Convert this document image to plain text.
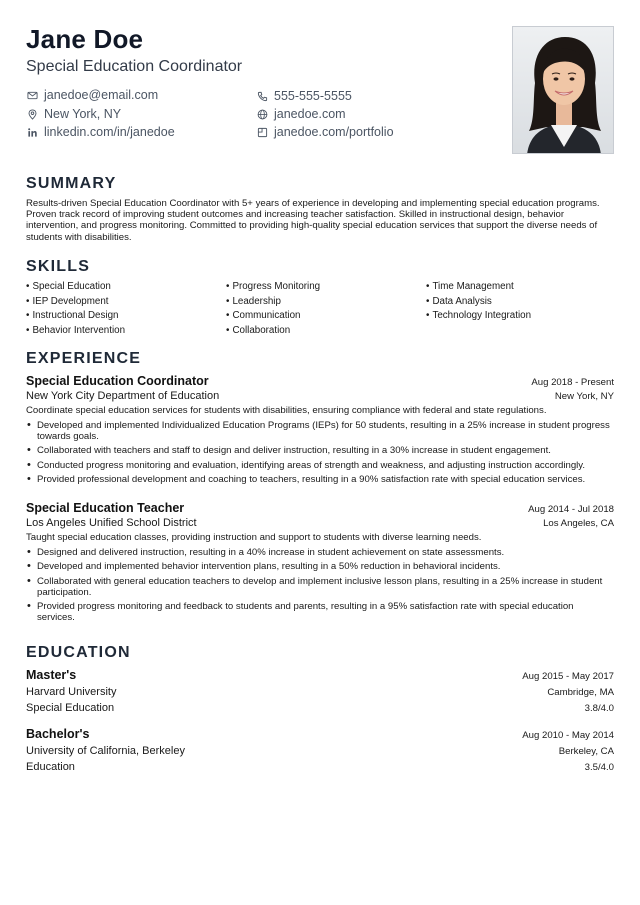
Jane Doe
Special Education Coordinator
janedoe@email.com	555-555-5555
New York, NY	janedoe.com
linkedin.com/in/janedoe	janedoe.com/portfolio
SUMMARY

Results-driven Special Education Coordinator with 5+ years of experience in developing and implementing special education programs. Proven track record of improving student outcomes and increasing teacher satisfaction. Skilled in instructional design, behavior intervention, and progress monitoring. Committed to providing high-quality special education services that support the diverse needs of students with disabilities.

SKILLS
• Special Education
• IEP Development
• Instructional Design
• Behavior Intervention
• Progress Monitoring
• Leadership
• Communication
• Collaboration
• Time Management
• Data Analysis
• Technology Integration
EXPERIENCE
Special Education Coordinator	Aug 2018 - Present
New York City Department of Education	New York, NY
Coordinate special education services for students with disabilities, ensuring compliance with federal and state regulations.
• Developed and implemented Individualized Education Programs (IEPs) for 50 students, resulting in a 25% increase in student progress towards goals.
• Collaborated with teachers and staff to design and deliver instruction, resulting in a 30% increase in student engagement.
• Conducted progress monitoring and evaluation, identifying areas of strength and weakness, and adjusting instruction accordingly.
• Provided professional development and coaching to teachers, resulting in a 90% satisfaction rate with special education services.
Special Education Teacher	Aug 2014 - Jul 2018
Los Angeles Unified School District	Los Angeles, CA
Taught special education classes, providing instruction and support to students with diverse learning needs.
• Designed and delivered instruction, resulting in a 40% increase in student achievement on state assessments.
• Developed and implemented behavior intervention plans, resulting in a 50% reduction in behavioral incidents.
• Collaborated with general education teachers to develop and implement inclusive lesson plans, resulting in a 25% increase in student participation.
• Provided progress monitoring and feedback to students and parents, resulting in a 95% satisfaction rate with special education services.
EDUCATION
Master's	Aug 2015 - May 2017
Harvard University	Cambridge, MA
Special Education	3.8/4.0
Bachelor's	Aug 2010 - May 2014
University of California, Berkeley	Berkeley, CA
Education	3.5/4.0
